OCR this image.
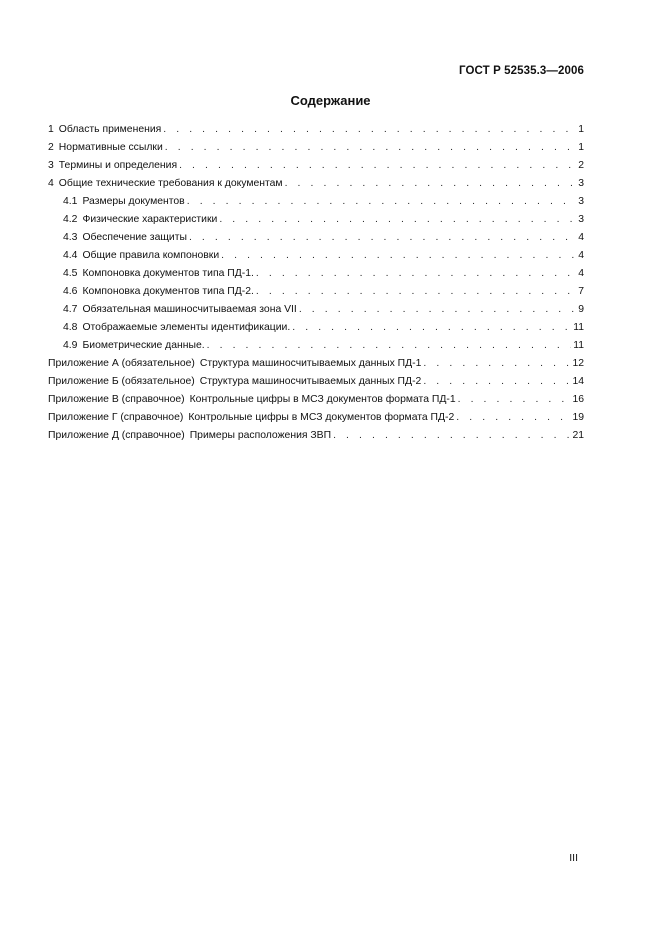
ГОСТ Р 52535.3—2006
Содержание
1 Область применения . . .	1
2 Нормативные ссылки . . .	1
3 Термины и определения . . .	2
4 Общие технические требования к документам . . .	3
4.1 Размеры документов . . .	3
4.2 Физические характеристики . . .	3
4.3 Обеспечение защиты . . .	4
4.4 Общие правила компоновки . . .	4
4.5 Компоновка документов типа ПД-1. . . .	4
4.6 Компоновка документов типа ПД-2. . . .	7
4.7 Обязательная машиносчитываемая зона VII . . .	9
4.8 Отображаемые элементы идентификации. . . .	11
4.9 Биометрические данные. . . .	11
Приложение А (обязательное) Структура машиносчитываемых данных ПД-1 . . .	12
Приложение Б (обязательное) Структура машиносчитываемых данных ПД-2 . . .	14
Приложение В (справочное) Контрольные цифры в МСЗ документов формата ПД-1 . . .	16
Приложение Г (справочное) Контрольные цифры в МСЗ документов формата ПД-2 . . .	19
Приложение Д (справочное) Примеры расположения ЗВП . . .	21
III
